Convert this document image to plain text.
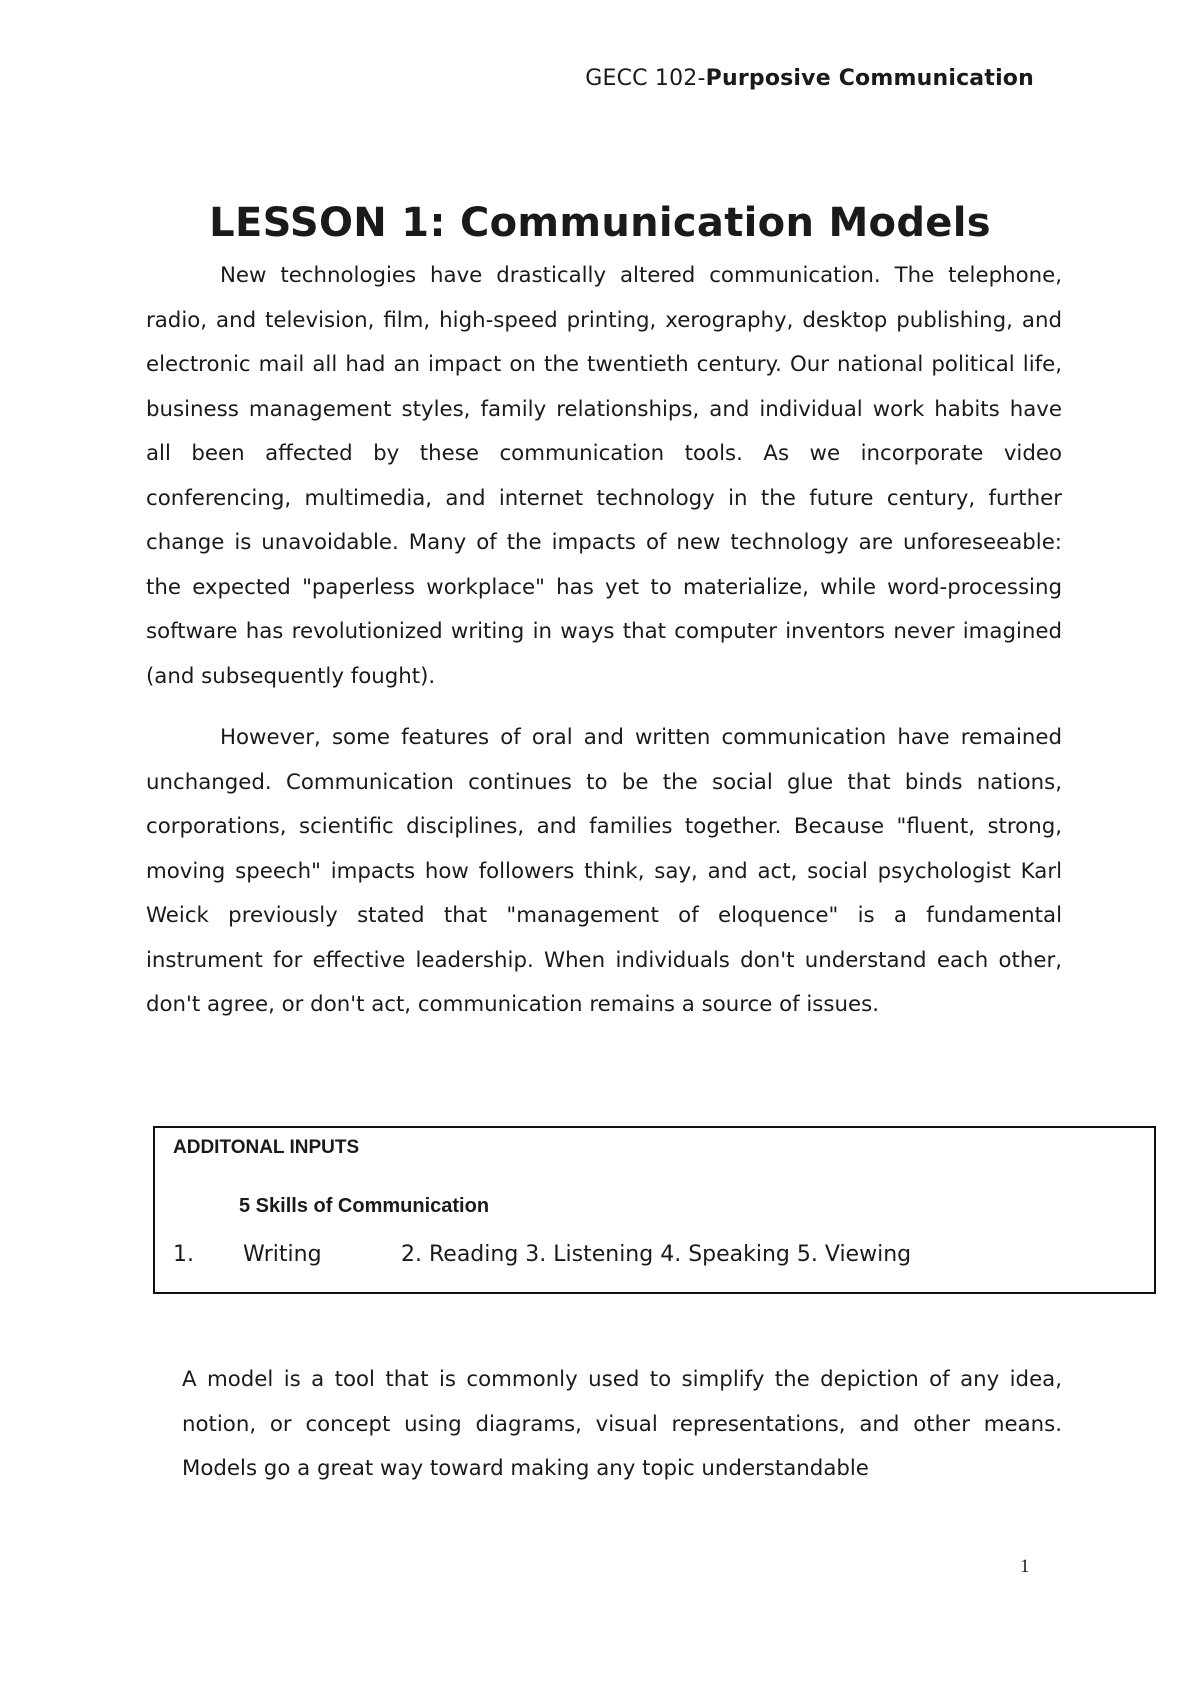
GECC 102-Purposive Communication
LESSON 1: Communication Models

New technologies have drastically altered communication. The telephone, radio, and television, film, high-speed printing, xerography, desktop publishing, and electronic mail all had an impact on the twentieth century. Our national political life, business management styles, family relationships, and individual work habits have all been affected by these communication tools. As we incorporate video conferencing, multimedia, and internet technology in the future century, further change is unavoidable. Many of the impacts of new technology are unforeseeable: the expected "paperless workplace" has yet to materialize, while word-processing software has revolutionized writing in ways that computer inventors never imagined (and subsequently fought).

However, some features of oral and written communication have remained unchanged. Communication continues to be the social glue that binds nations, corporations, scientific disciplines, and families together. Because "fluent, strong, moving speech" impacts how followers think, say, and act, social psychologist Karl Weick previously stated that "management of eloquence" is a fundamental instrument for effective leadership. When individuals don't understand each other, don't agree, or don't act, communication remains a source of issues.

ADDITONAL INPUTS
5 Skills of Communication
1. Writing	2. Reading 3. Listening 4. Speaking 5. Viewing

A model is a tool that is commonly used to simplify the depiction of any idea, notion, or concept using diagrams, visual representations, and other means. Models go a great way toward making any topic understandable

1
